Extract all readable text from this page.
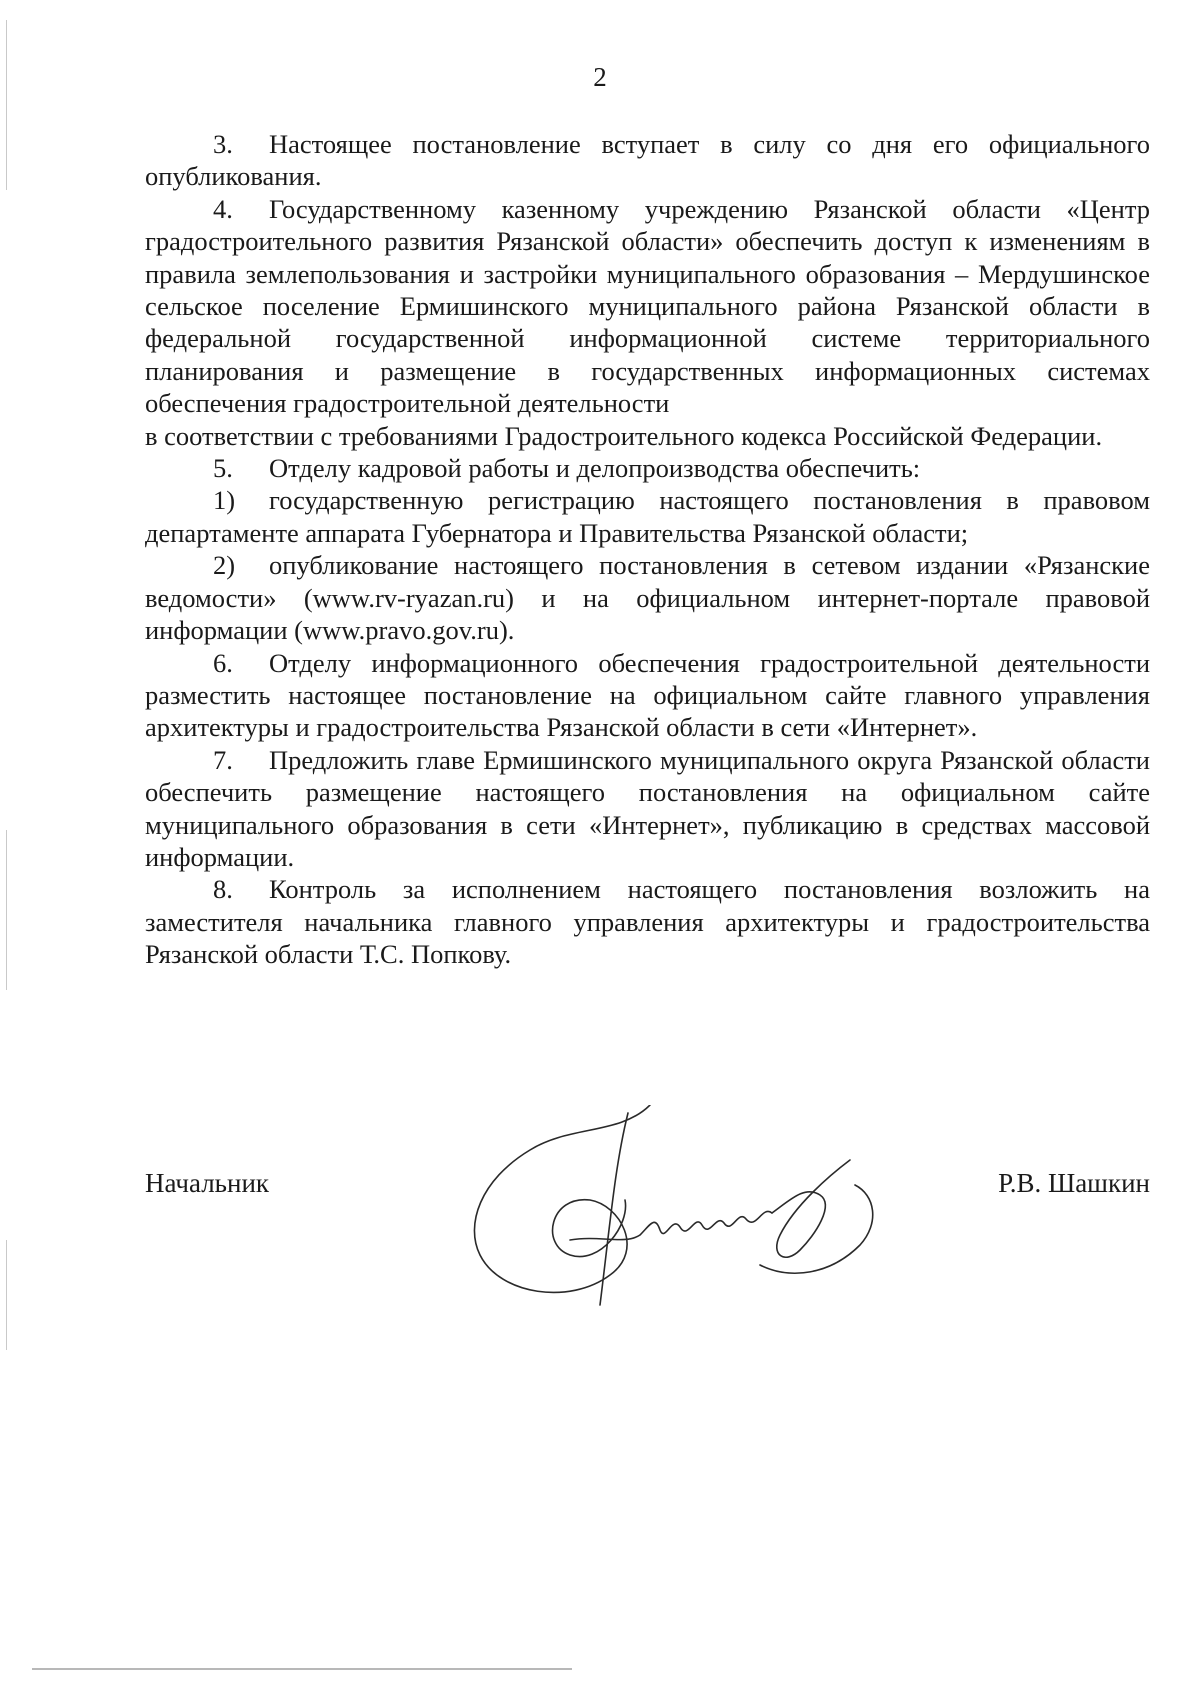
2

3. Настоящее постановление вступает в силу со дня его официального опубликования.

4. Государственному казенному учреждению Рязанской области «Центр градостроительного развития Рязанской области» обеспечить доступ к изменениям в правила землепользования и застройки муниципального образования – Мердушинское сельское поселение Ермишинского муниципального района Рязанской области в федеральной государственной информационной системе территориального планирования и размещение в государственных информационных системах обеспечения градостроительной деятельности

в соответствии с требованиями Градостроительного кодекса Российской Федерации.

5. Отделу кадровой работы и делопроизводства обеспечить:

1) государственную регистрацию настоящего постановления в правовом департаменте аппарата Губернатора и Правительства Рязанской области;

2) опубликование настоящего постановления в сетевом издании «Рязанские ведомости» (www.rv-ryazan.ru) и на официальном интернет-портале правовой информации (www.pravo.gov.ru).

6. Отделу информационного обеспечения градостроительной деятельности разместить настоящее постановление на официальном сайте главного управления архитектуры и градостроительства Рязанской области в сети «Интернет».

7. Предложить главе Ермишинского муниципального округа Рязанской области обеспечить размещение настоящего постановления на официальном сайте муниципального образования в сети «Интернет», публикацию в средствах массовой информации.

8. Контроль за исполнением настоящего постановления возложить на заместителя начальника главного управления архитектуры и градостроительства Рязанской области Т.С. Попкову.

Начальник	Р.В. Шашкин
